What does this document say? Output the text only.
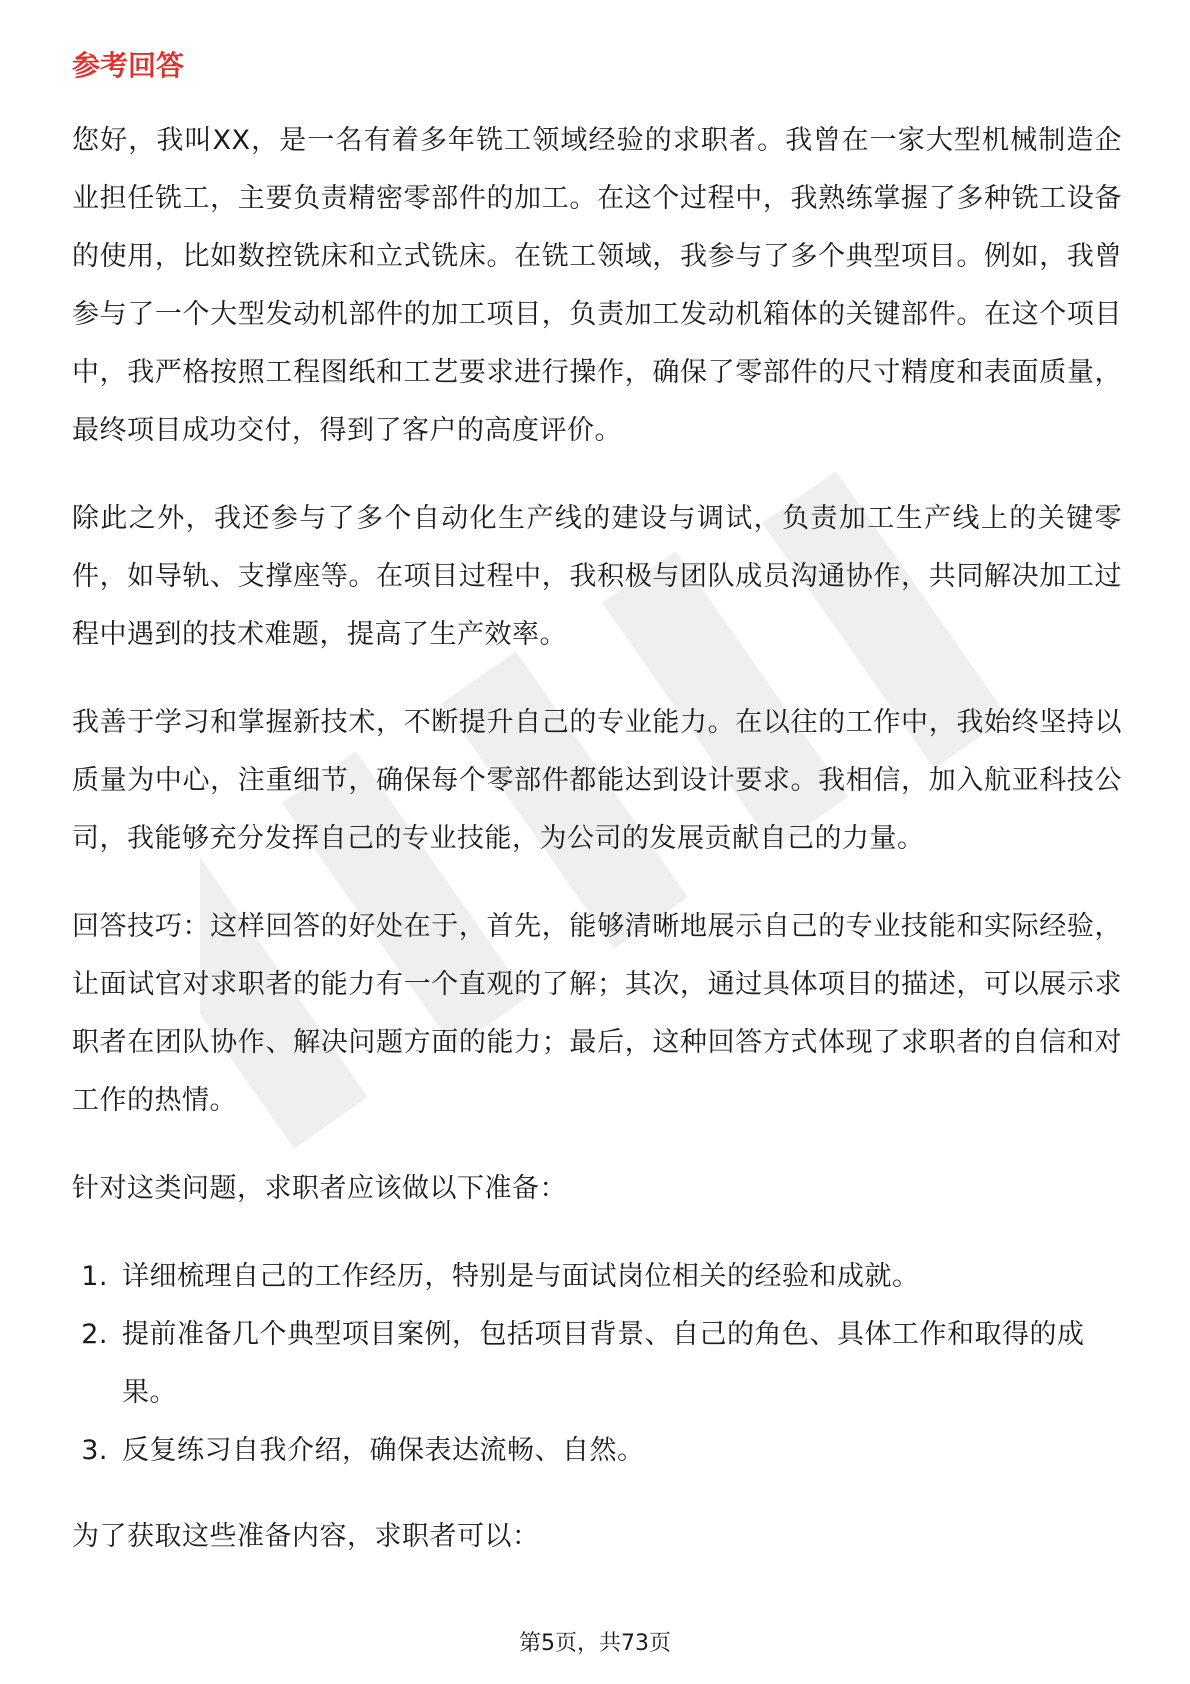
参考回答

您好，我叫XX，是一名有着多年铣工领域经验的求职者。我曾在一家大型机械制造企业担任铣工，主要负责精密零部件的加工。在这个过程中，我熟练掌握了多种铣工设备的使用，比如数控铣床和立式铣床。在铣工领域，我参与了多个典型项目。例如，我曾参与了一个大型发动机部件的加工项目，负责加工发动机箱体的关键部件。在这个项目中，我严格按照工程图纸和工艺要求进行操作，确保了零部件的尺寸精度和表面质量，最终项目成功交付，得到了客户的高度评价。

除此之外，我还参与了多个自动化生产线的建设与调试，负责加工生产线上的关键零件，如导轨、支撑座等。在项目过程中，我积极与团队成员沟通协作，共同解决加工过程中遇到的技术难题，提高了生产效率。

我善于学习和掌握新技术，不断提升自己的专业能力。在以往的工作中，我始终坚持以质量为中心，注重细节，确保每个零部件都能达到设计要求。我相信，加入航亚科技公司，我能够充分发挥自己的专业技能，为公司的发展贡献自己的力量。

回答技巧：这样回答的好处在于，首先，能够清晰地展示自己的专业技能和实际经验，让面试官对求职者的能力有一个直观的了解；其次，通过具体项目的描述，可以展示求职者在团队协作、解决问题方面的能力；最后，这种回答方式体现了求职者的自信和对工作的热情。

针对这类问题，求职者应该做以下准备：

1. 详细梳理自己的工作经历，特别是与面试岗位相关的经验和成就。
2. 提前准备几个典型项目案例，包括项目背景、自己的角色、具体工作和取得的成果。
3. 反复练习自我介绍，确保表达流畅、自然。

为了获取这些准备内容，求职者可以：

第5页，共73页
